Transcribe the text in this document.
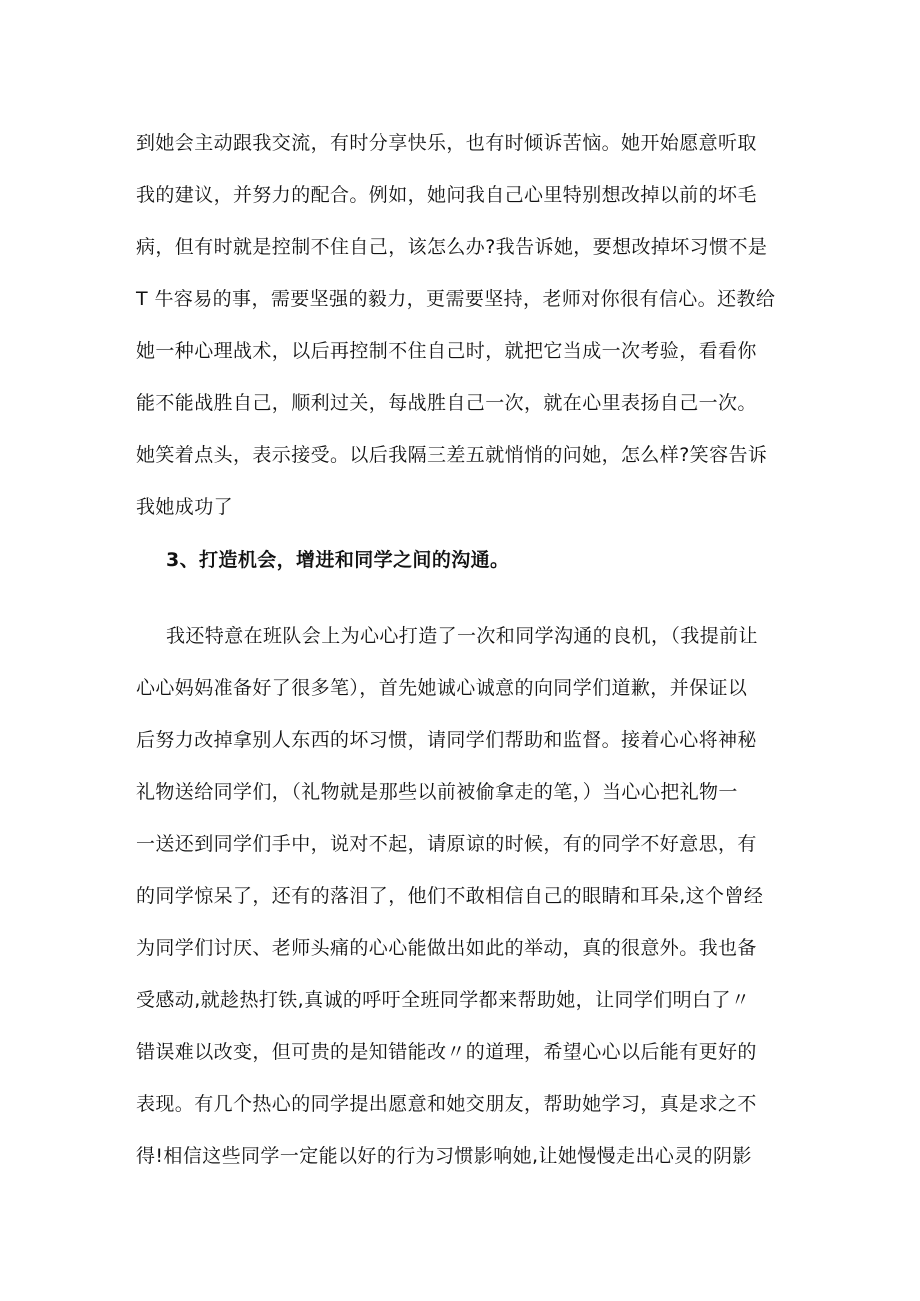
到她会主动跟我交流，有时分享快乐，也有时倾诉苦恼。她开始愿意听取
我的建议，并努力的配合。例如，她问我自己心里特别想改掉以前的坏毛
病，但有时就是控制不住自己，该怎么办?我告诉她，要想改掉坏习惯不是
T 牛容易的事，需要坚强的毅力，更需要坚持，老师对你很有信心。还教给
她一种心理战术，以后再控制不住自己时，就把它当成一次考验，看看你
能不能战胜自己，顺利过关，每战胜自己一次，就在心里表扬自己一次。
她笑着点头，表示接受。以后我隔三差五就悄悄的问她，怎么样?笑容告诉
我她成功了
3、打造机会，增进和同学之间的沟通。
我还特意在班队会上为心心打造了一次和同学沟通的良机，（我提前让
心心妈妈准备好了很多笔），首先她诚心诚意的向同学们道歉，并保证以
后努力改掉拿别人东西的坏习惯，请同学们帮助和监督。接着心心将神秘
礼物送给同学们，（礼物就是那些以前被偷拿走的笔，）当心心把礼物一
一送还到同学们手中，说对不起，请原谅的时候，有的同学不好意思，有
的同学惊呆了，还有的落泪了，他们不敢相信自己的眼睛和耳朵,这个曾经
为同学们讨厌、老师头痛的心心能做出如此的举动，真的很意外。我也备
受感动,就趁热打铁,真诚的呼吁全班同学都来帮助她，让同学们明白了〃
错误难以改变，但可贵的是知错能改〃的道理，希望心心以后能有更好的
表现。有几个热心的同学提出愿意和她交朋友，帮助她学习，真是求之不
得!相信这些同学一定能以好的行为习惯影响她,让她慢慢走出心灵的阴影
